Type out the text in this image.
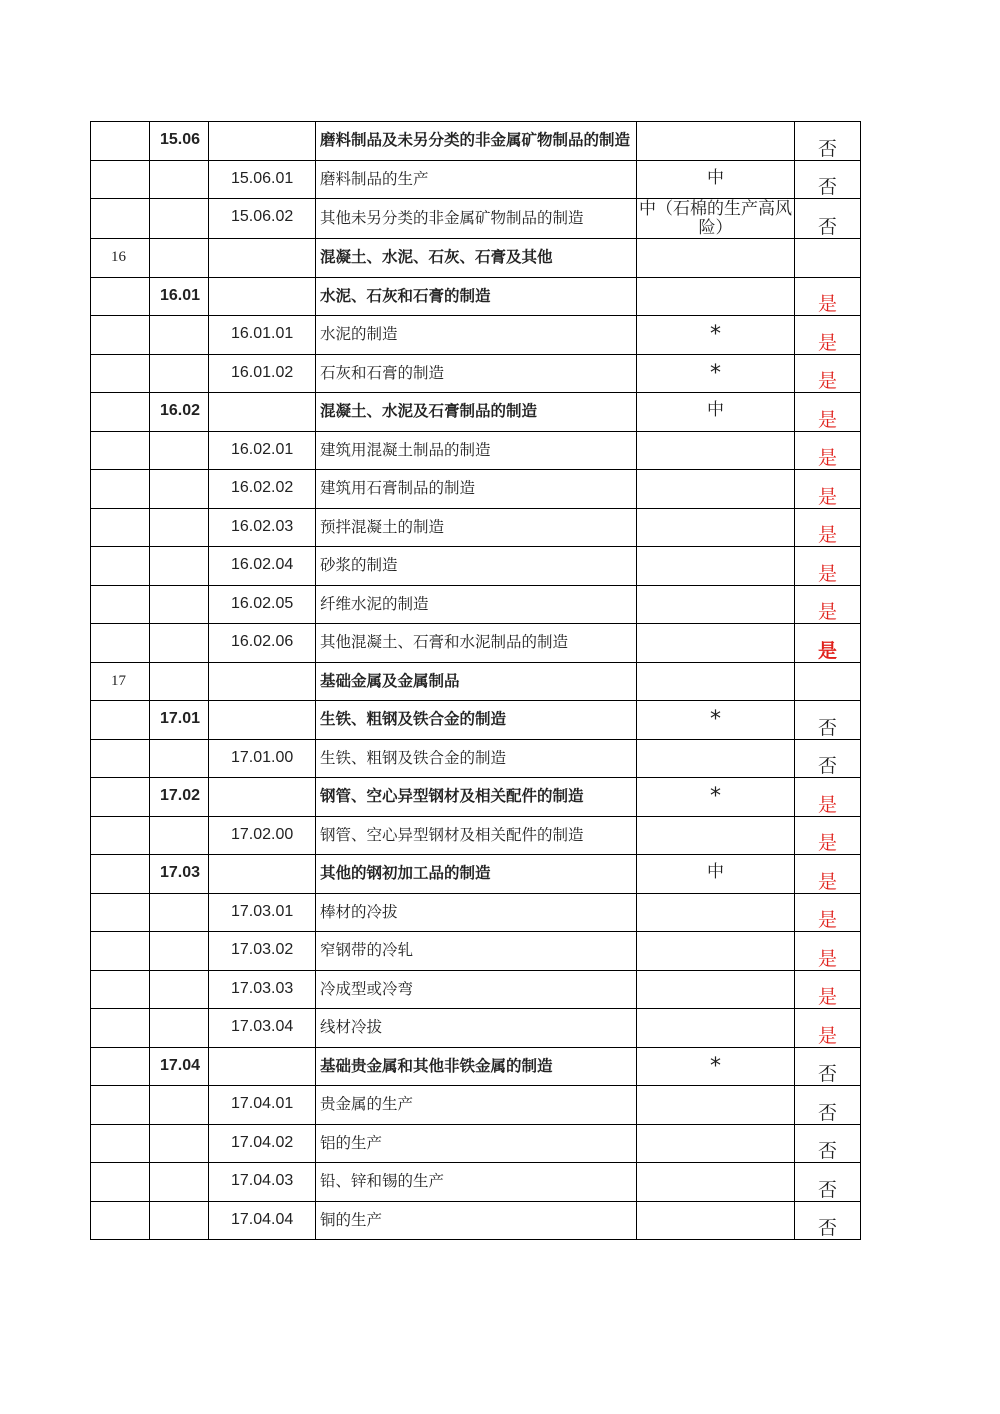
	15.06		磨料制品及未另分类的非金属矿物制品的制造		否
		15.06.01	磨料制品的生产	中	否
		15.06.02	其他未另分类的非金属矿物制品的制造	中（石棉的生产高风险）	否
16			混凝土、水泥、石灰、石膏及其他		
	16.01		水泥、石灰和石膏的制造		是
		16.01.01	水泥的制造	*	是
		16.01.02	石灰和石膏的制造	*	是
	16.02		混凝土、水泥及石膏制品的制造	中	是
		16.02.01	建筑用混凝土制品的制造		是
		16.02.02	建筑用石膏制品的制造		是
		16.02.03	预拌混凝土的制造		是
		16.02.04	砂浆的制造		是
		16.02.05	纤维水泥的制造		是
		16.02.06	其他混凝土、石膏和水泥制品的制造		是
17			基础金属及金属制品		
	17.01		生铁、粗钢及铁合金的制造	*	否
		17.01.00	生铁、粗钢及铁合金的制造		否
	17.02		钢管、空心异型钢材及相关配件的制造	*	是
		17.02.00	钢管、空心异型钢材及相关配件的制造		是
	17.03		其他的钢初加工品的制造	中	是
		17.03.01	棒材的冷拔		是
		17.03.02	窄钢带的冷轧		是
		17.03.03	冷成型或冷弯		是
		17.03.04	线材冷拔		是
	17.04		基础贵金属和其他非铁金属的制造	*	否
		17.04.01	贵金属的生产		否
		17.04.02	铝的生产		否
		17.04.03	铅、锌和锡的生产		否
		17.04.04	铜的生产		否
